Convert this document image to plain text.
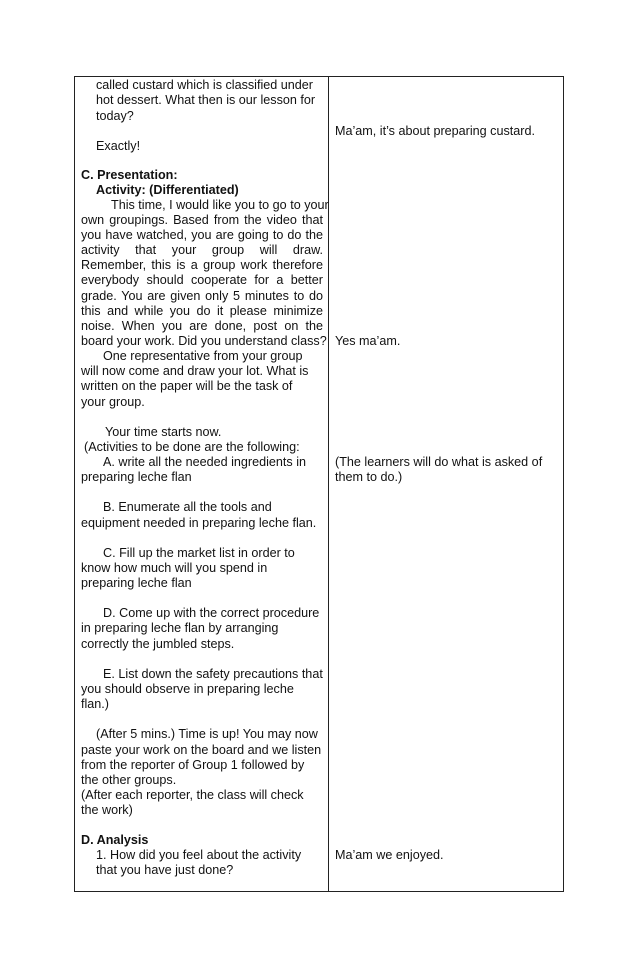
called custard which is classified under
hot dessert. What then is our lesson for
today?
Exactly!
C. Presentation:
Activity: (Differentiated)
This time, I would like you to go to your
own groupings. Based from the video that
you have watched, you are going to do the
activity that your group will draw.
Remember, this is a group work therefore
everybody should cooperate for a better
grade. You are given only 5 minutes to do
this and while you do it please minimize
noise. When you are done, post on the
board your work. Did you understand class?
One representative from your group
will now come and draw your lot. What is
written on the paper will be the task of
your group.
Your time starts now.
(Activities to be done are the following:
A. write all the needed ingredients in
preparing leche flan
B. Enumerate all the tools and
equipment needed in preparing leche flan.
C. Fill up the market list in order to
know how much will you spend in
preparing leche flan
D. Come up with the correct procedure
in preparing leche flan by arranging
correctly the jumbled steps.
E. List down the safety precautions that
you should observe in preparing leche
flan.)
(After 5 mins.) Time is up! You may now
paste your work on the board and we listen
from the reporter of Group 1 followed by
the other groups.
(After each reporter, the class will check
the work)
D. Analysis
1. How did you feel about the activity
that you have just done?
Ma’am, it’s about preparing custard.
Yes ma’am.
(The learners will do what is asked of
them to do.)
Ma’am we enjoyed.
